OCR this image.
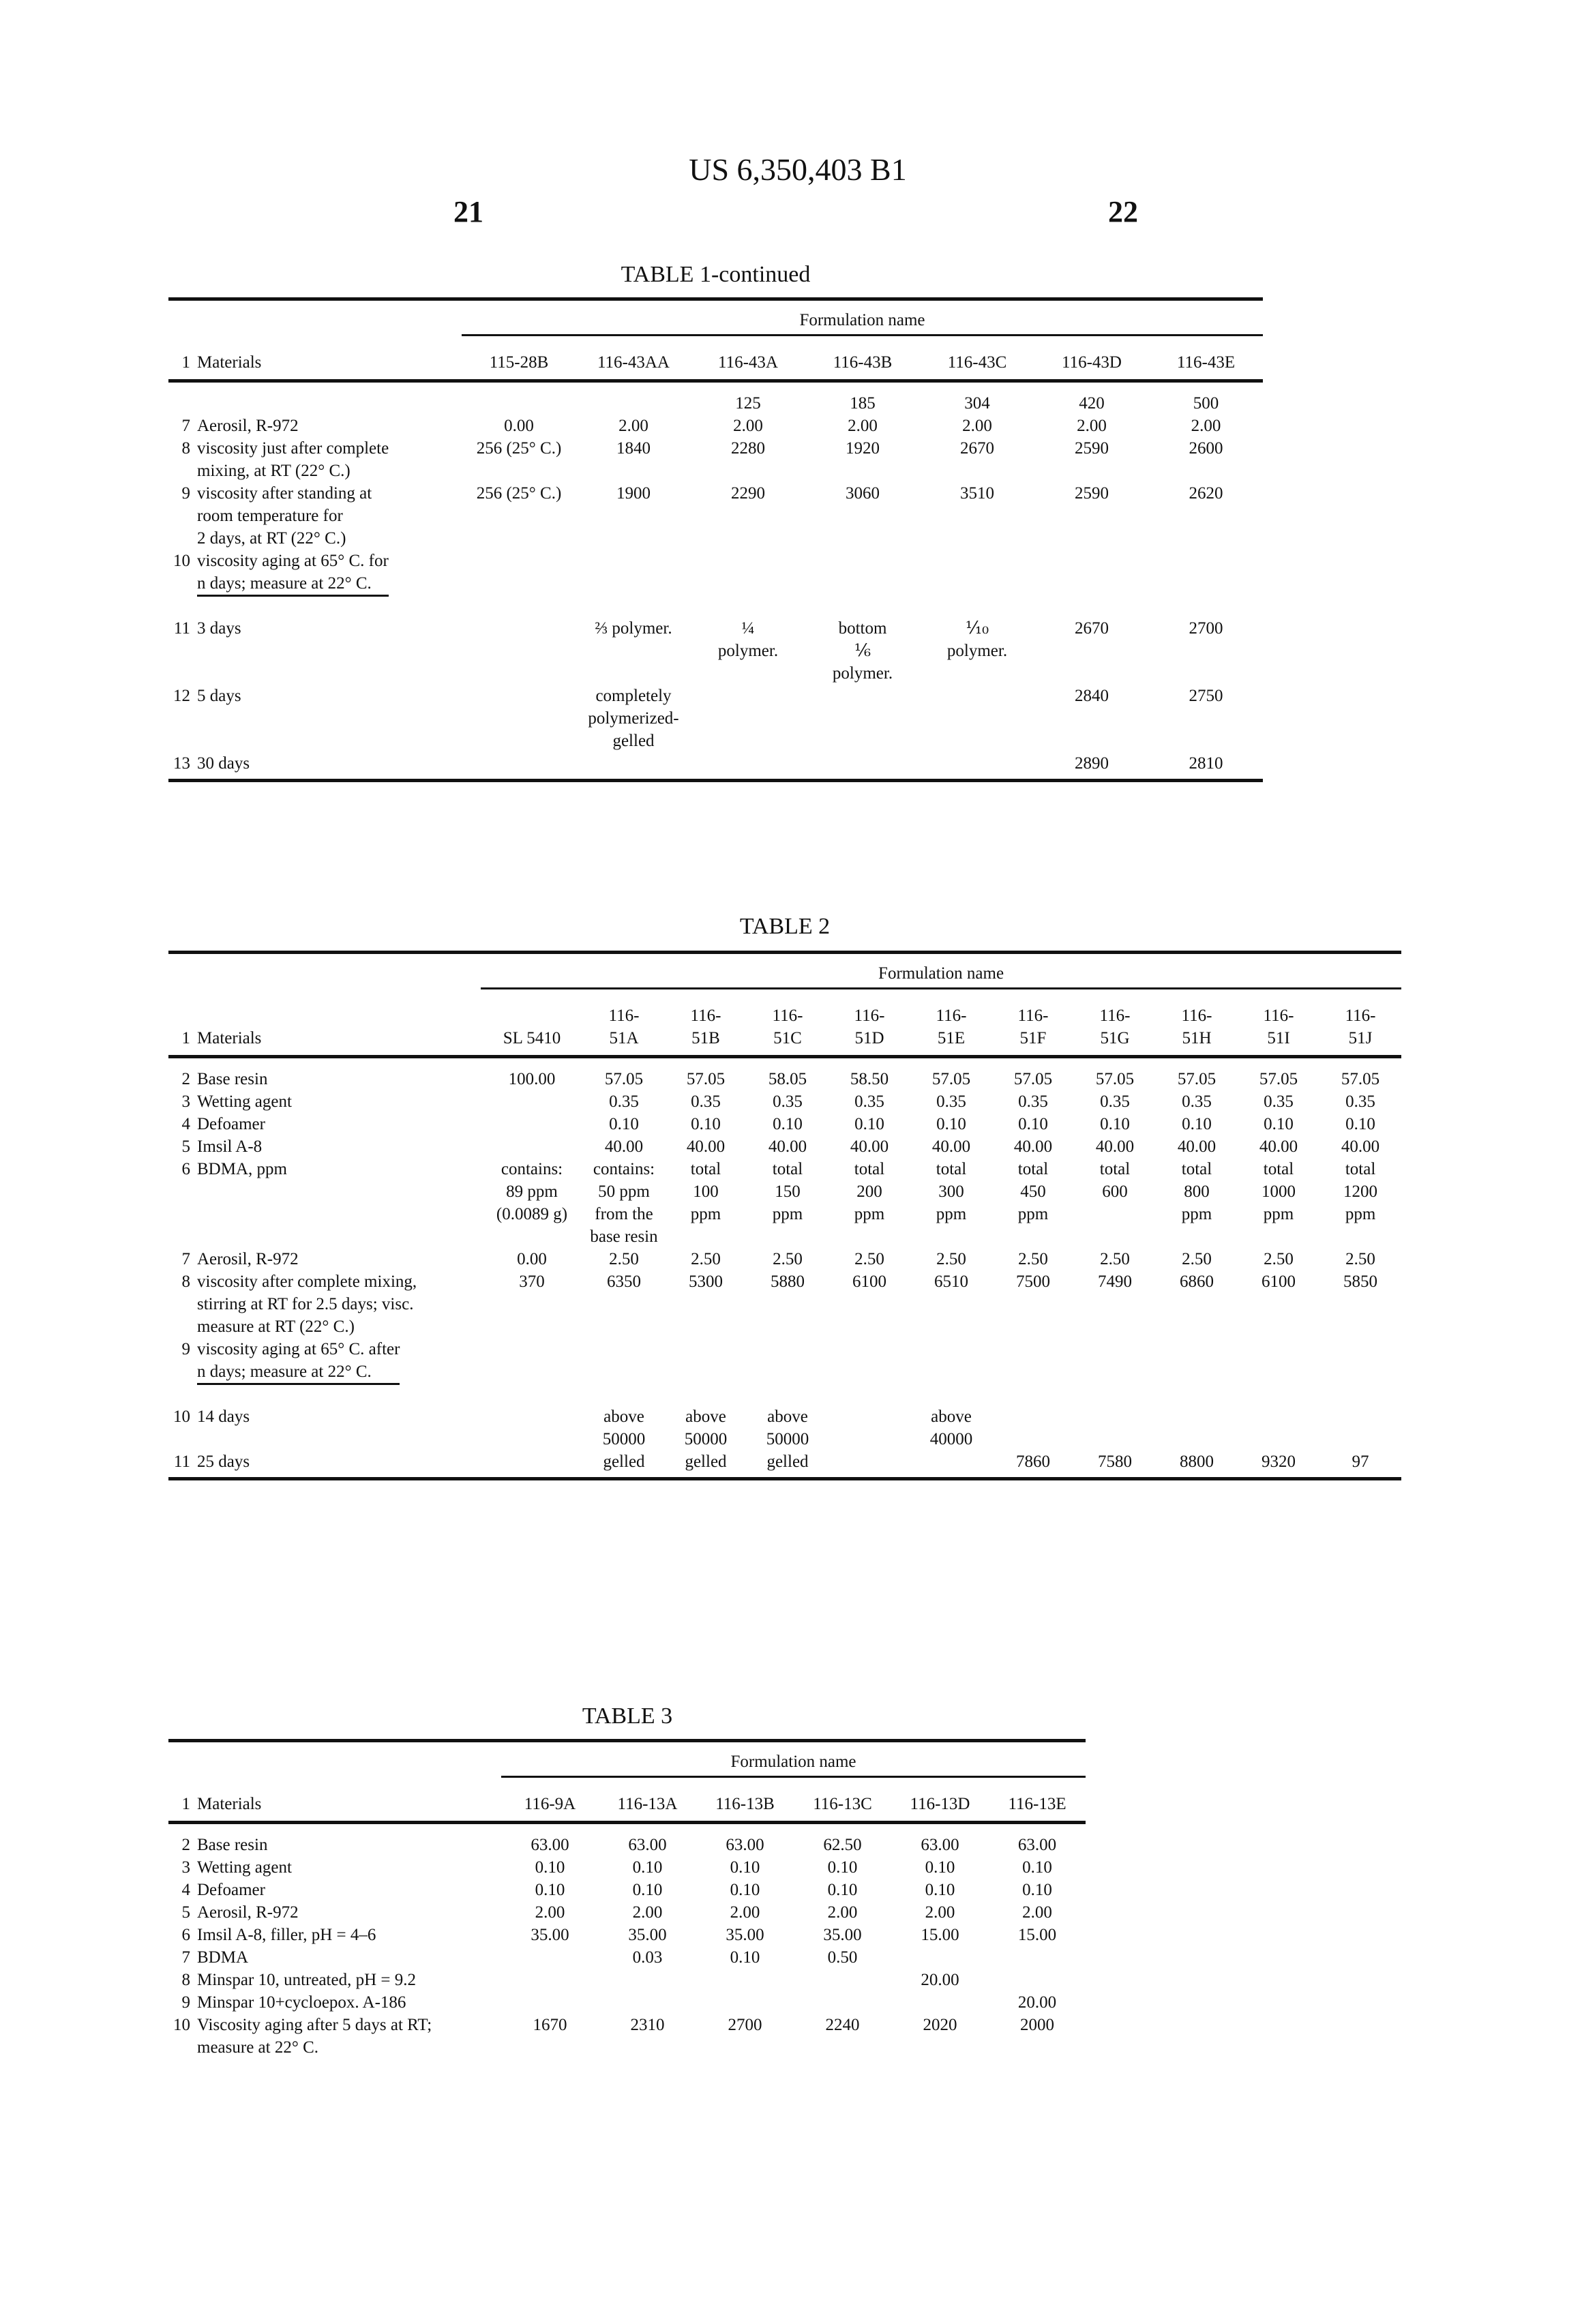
US 6,350,403 B1
21	22
TABLE 1-continued
	Formulation name
1	Materials	115-28B	116-43AA	116-43A	116-43B	116-43C	116-43D	116-43E
				125	185	304	420	500
7	Aerosil, R-972	0.00	2.00	2.00	2.00	2.00	2.00	2.00
8	viscosity just after complete
mixing, at RT (22° C.)	256 (25° C.)	1840	2280	1920	2670	2590	2600
9	viscosity after standing at
room temperature for
2 days, at RT (22° C.)	256 (25° C.)	1900	2290	3060	3510	2590	2620
10	viscosity aging at 65° C. for
n days; measure at 22° C.							
11	3 days		⅔ polymer.	¼
polymer.	bottom
⅙
polymer.	⅒
polymer.	2670	2700
12	5 days		completely
polymerized-
gelled				2840	2750
13	30 days						2890	2810
TABLE 2
	Formulation name
1	Materials	SL 5410	116-
51A	116-
51B	116-
51C	116-
51D	116-
51E	116-
51F	116-
51G	116-
51H	116-
51I	116-
51J
2	Base resin	100.00	57.05	57.05	58.05	58.50	57.05	57.05	57.05	57.05	57.05	57.05
3	Wetting agent		0.35	0.35	0.35	0.35	0.35	0.35	0.35	0.35	0.35	0.35
4	Defoamer		0.10	0.10	0.10	0.10	0.10	0.10	0.10	0.10	0.10	0.10
5	Imsil A-8		40.00	40.00	40.00	40.00	40.00	40.00	40.00	40.00	40.00	40.00
6	BDMA, ppm	contains:
89 ppm
(0.0089 g)	contains:
50 ppm
from the
base resin	total
100
ppm	total
150
ppm	total
200
ppm	total
300
ppm	total
450
ppm	total
600	total
800
ppm	total
1000
ppm	total
1200
ppm
7	Aerosil, R-972	0.00	2.50	2.50	2.50	2.50	2.50	2.50	2.50	2.50	2.50	2.50
8	viscosity after complete mixing,
stirring at RT for 2.5 days; visc.
measure at RT (22° C.)	370	6350	5300	5880	6100	6510	7500	7490	6860	6100	5850
9	viscosity aging at 65° C. after
n days; measure at 22° C.											
10	14 days		above
50000	above
50000	above 50000		above
40000					
11	25 days		gelled	gelled	gelled			7860	7580	8800	9320	97
TABLE 3
	Formulation name
1	Materials	116-9A	116-13A	116-13B	116-13C	116-13D	116-13E
2	Base resin	63.00	63.00	63.00	62.50	63.00	63.00
3	Wetting agent	0.10	0.10	0.10	0.10	0.10	0.10
4	Defoamer	0.10	0.10	0.10	0.10	0.10	0.10
5	Aerosil, R-972	2.00	2.00	2.00	2.00	2.00	2.00
6	Imsil A-8, filler, pH = 4–6	35.00	35.00	35.00	35.00	15.00	15.00
7	BDMA		0.03	0.10	0.50		
8	Minspar 10, untreated, pH = 9.2					20.00	
9	Minspar 10+cycloepox. A-186						20.00
10	Viscosity aging after 5 days at RT;
measure at 22° C.	1670	2310	2700	2240	2020	2000
